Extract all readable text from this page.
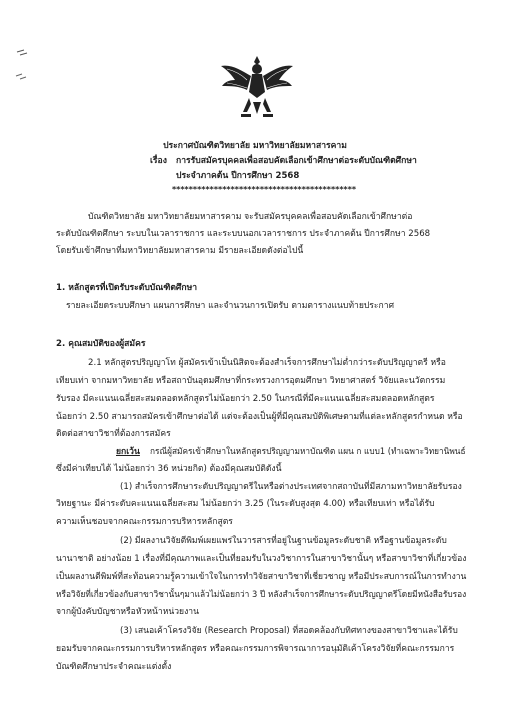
ประกาศบัณฑิตวิทยาลัย มหาวิทยาลัยมหาสารคาม
เรื่อง การรับสมัครบุคคลเพื่อสอบคัดเลือกเข้าศึกษาต่อระดับบัณฑิตศึกษา
ประจำภาคต้น ปีการศึกษา 2568
********************************************
บัณฑิตวิทยาลัย มหาวิทยาลัยมหาสารคาม จะรับสมัครบุคคลเพื่อสอบคัดเลือกเข้าศึกษาต่อ
ระดับบัณฑิตศึกษา ระบบในเวลาราชการ และระบบนอกเวลาราชการ ประจำภาคต้น ปีการศึกษา 2568
โดยรับเข้าศึกษาที่มหาวิทยาลัยมหาสารคาม มีรายละเอียดดังต่อไปนี้
1. หลักสูตรที่เปิดรับระดับบัณฑิตศึกษา
รายละเอียดระบบศึกษา แผนการศึกษา และจำนวนการเปิดรับ ตามตารางแนบท้ายประกาศ
2. คุณสมบัติของผู้สมัคร
2.1 หลักสูตรปริญญาโท ผู้สมัครเข้าเป็นนิสิตจะต้องสำเร็จการศึกษาไม่ต่ำกว่าระดับปริญญาตรี หรือ
เทียบเท่า จากมหาวิทยาลัย หรือสถาบันอุดมศึกษาที่กระทรวงการอุดมศึกษา วิทยาศาสตร์ วิจัยและนวัตกรรม
รับรอง มีคะแนนเฉลี่ยสะสมตลอดหลักสูตรไม่น้อยกว่า 2.50 ในกรณีที่มีคะแนนเฉลี่ยสะสมตลอดหลักสูตร
น้อยกว่า 2.50 สามารถสมัครเข้าศึกษาต่อได้ แต่จะต้องเป็นผู้ที่มีคุณสมบัติพิเศษตามที่แต่ละหลักสูตรกำหนด หรือ
ติดต่อสาขาวิชาที่ต้องการสมัคร
ยกเว้น กรณีผู้สมัครเข้าศึกษาในหลักสูตรปริญญามหาบัณฑิต แผน ก แบบ1 (ทำเฉพาะวิทยานิพนธ์
ซึ่งมีค่าเทียบได้ ไม่น้อยกว่า 36 หน่วยกิต) ต้องมีคุณสมบัติดังนี้
(1) สำเร็จการศึกษาระดับปริญญาตรีในหรือต่างประเทศจากสถาบันที่มีสภามหาวิทยาลัยรับรอง
วิทยฐานะ มีค่าระดับคะแนนเฉลี่ยสะสม ไม่น้อยกว่า 3.25 (ในระดับสูงสุด 4.00) หรือเทียบเท่า หรือได้รับ
ความเห็นชอบจากคณะกรรมการบริหารหลักสูตร
(2) มีผลงานวิจัยตีพิมพ์เผยแพร่ในวารสารที่อยู่ในฐานข้อมูลระดับชาติ หรือฐานข้อมูลระดับ
นานาชาติ อย่างน้อย 1 เรื่องที่มีคุณภาพและเป็นที่ยอมรับในวงวิชาการในสาขาวิชานั้นๆ หรือสาขาวิชาที่เกี่ยวข้อง
เป็นผลงานตีพิมพ์ที่สะท้อนความรู้ความเข้าใจในการทำวิจัยสาขาวิชาที่เชี่ยวชาญ หรือมีประสบการณ์ในการทำงาน
หรือวิจัยที่เกี่ยวข้องกับสาขาวิชานั้นๆมาแล้วไม่น้อยกว่า 3 ปี หลังสำเร็จการศึกษาระดับปริญญาตรีโดยมีหนังสือรับรอง
จากผู้บังคับบัญชาหรือหัวหน้าหน่วยงาน
(3) เสนอเค้าโครงวิจัย (Research Proposal) ที่สอดคล้องกับทิศทางของสาขาวิชาและได้รับ
ยอมรับจากคณะกรรมการบริหารหลักสูตร หรือคณะกรรมการพิจารณาการอนุมัติเค้าโครงวิจัยที่คณะกรรมการ
บัณฑิตศึกษาประจำคณะแต่งตั้ง
